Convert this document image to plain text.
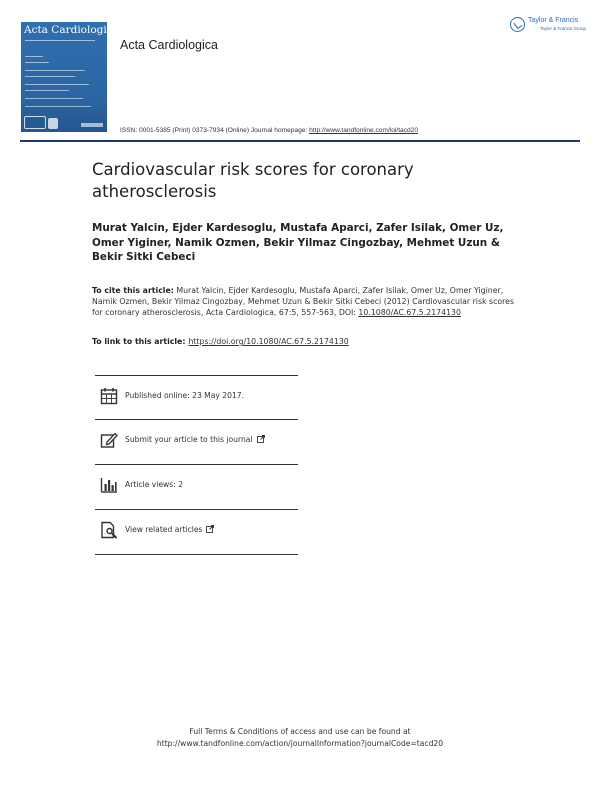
Acta Cardiologica
Acta Cardiologica
Taylor & Francis
Taylor & Francis Group
ISSN: 0001-5385 (Print) 0373-7934 (Online) Journal homepage: http://www.tandfonline.com/loi/tacd20
Cardiovascular risk scores for coronary atherosclerosis
Murat Yalcin, Ejder Kardesoglu, Mustafa Aparci, Zafer Isilak, Omer Uz, Omer Yiginer, Namik Ozmen, Bekir Yilmaz Cingozbay, Mehmet Uzun & Bekir Sitki Cebeci
To cite this article: Murat Yalcin, Ejder Kardesoglu, Mustafa Aparci, Zafer Isilak, Omer Uz, Omer Yiginer, Namik Ozmen, Bekir Yilmaz Cingozbay, Mehmet Uzun & Bekir Sitki Cebeci (2012) Cardiovascular risk scores for coronary atherosclerosis, Acta Cardiologica, 67:5, 557-563, DOI: 10.1080/AC.67.5.2174130
To link to this article: https://doi.org/10.1080/AC.67.5.2174130
Published online: 23 May 2017.
Submit your article to this journal
Article views: 2
View related articles
Full Terms & Conditions of access and use can be found at
http://www.tandfonline.com/action/journalInformation?journalCode=tacd20
